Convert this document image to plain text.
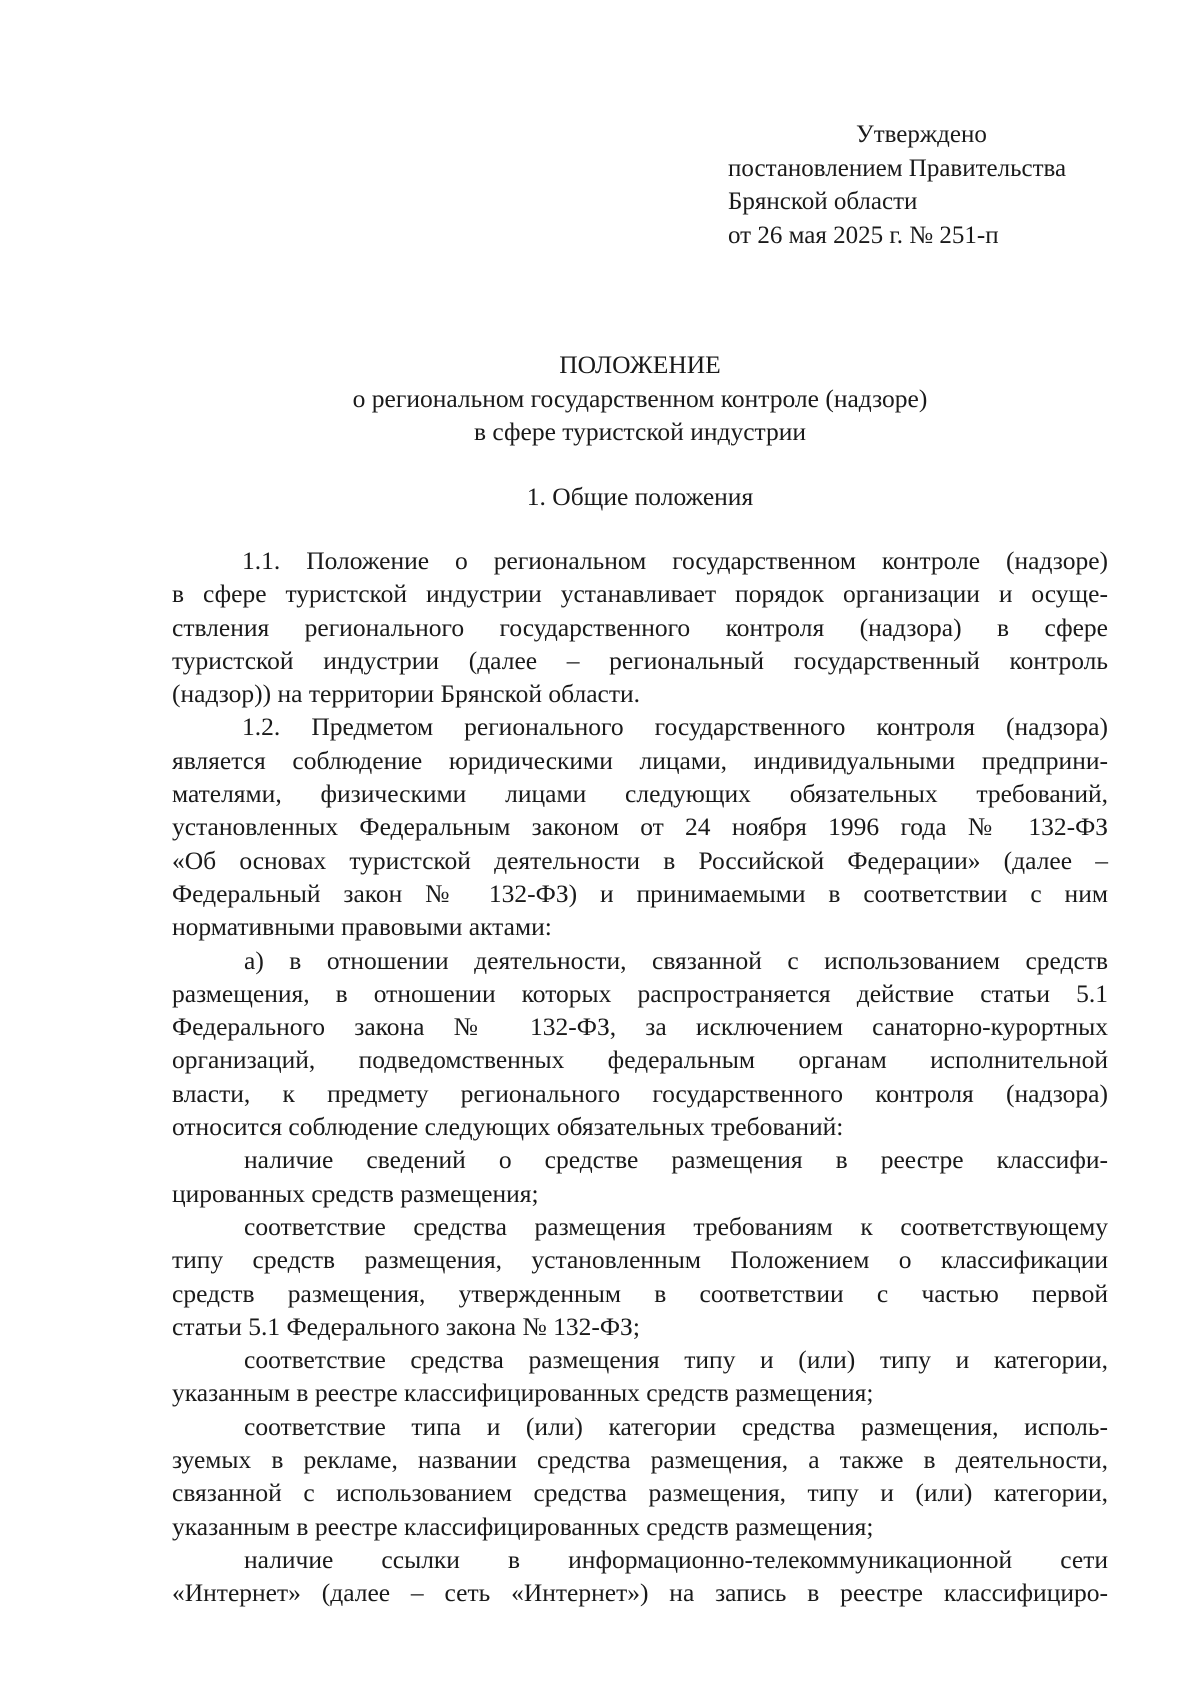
Утверждено
постановлением Правительства
Брянской области
от 26 мая 2025 г. № 251-п
ПОЛОЖЕНИЕ
о региональном государственном контроле (надзоре)
в сфере туристской индустрии
1. Общие положения
1.1. Положение о региональном государственном контроле (надзоре)
в сфере туристской индустрии устанавливает порядок организации и осуще-
ствления регионального государственного контроля (надзора) в сфере
туристской индустрии (далее – региональный государственный контроль
(надзор)) на территории Брянской области.
1.2. Предметом регионального государственного контроля (надзора)
является соблюдение юридическими лицами, индивидуальными предприни-
мателями, физическими лицами следующих обязательных требований,
установленных Федеральным законом от 24 ноября 1996 года № 132-ФЗ
«Об основах туристской деятельности в Российской Федерации» (далее –
Федеральный закон № 132-ФЗ) и принимаемыми в соответствии с ним
нормативными правовыми актами:
а) в отношении деятельности, связанной с использованием средств
размещения, в отношении которых распространяется действие статьи 5.1
Федерального закона № 132-ФЗ, за исключением санаторно-курортных
организаций, подведомственных федеральным органам исполнительной
власти, к предмету регионального государственного контроля (надзора)
относится соблюдение следующих обязательных требований:
наличие сведений о средстве размещения в реестре классифи-
цированных средств размещения;
соответствие средства размещения требованиям к соответствующему
типу средств размещения, установленным Положением о классификации
средств размещения, утвержденным в соответствии с частью первой
статьи 5.1 Федерального закона № 132-ФЗ;
соответствие средства размещения типу и (или) типу и категории,
указанным в реестре классифицированных средств размещения;
соответствие типа и (или) категории средства размещения, исполь-
зуемых в рекламе, названии средства размещения, а также в деятельности,
связанной с использованием средства размещения, типу и (или) категории,
указанным в реестре классифицированных средств размещения;
наличие ссылки в информационно-телекоммуникационной сети
«Интернет» (далее – сеть «Интернет») на запись в реестре классифициро-
